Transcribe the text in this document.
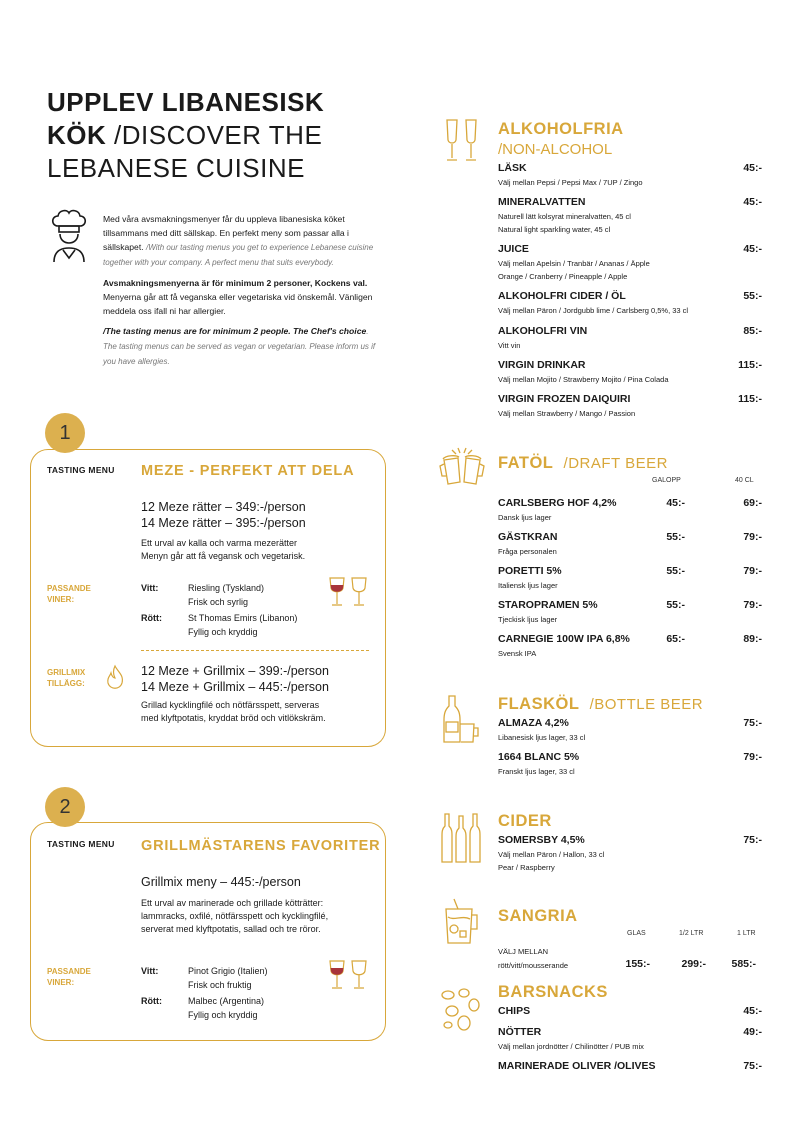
UPPLEV LIBANESISK KÖK /DISCOVER THE LEBANESE CUISINE

Med våra avsmakningsmenyer får du uppleva libanesiska köket tillsammans med ditt sällskap. En perfekt meny som passar alla i sällskapet. /With our tasting menus you get to experience Lebanese cuisine together with your company. A perfect menu that suits everybody.

Avsmakningsmenyerna är för minimum 2 personer, Kockens val. Menyerna går att få veganska eller vegetariska vid önskemål. Vänligen meddela oss ifall ni har allergier.

/The tasting menus are for minimum 2 people. The Chef's choice. The tasting menus can be served as vegan or vegetarian. Please inform us if you have allergies.

1
TASTING MENU MEZE - PERFEKT ATT DELA
12 Meze rätter – 349:-/person
14 Meze rätter – 395:-/person
Ett urval av kalla och varma mezerätter
Menyn går att få vegansk och vegetarisk.
PASSANDE VINER:
Vitt:	Riesling (Tyskland)
Frisk och syrlig
Rött:	St Thomas Emirs (Libanon)
Fyllig och kryddig
GRILLMIX TILLÄGG:
12 Meze + Grillmix – 399:-/person
14 Meze + Grillmix – 445:-/person
Grillad kycklingfilé och nötfärsspett, serveras
med klyftpotatis, kryddat bröd och vitlökskräm.
2
TASTING MENU GRILLMÄSTARENS FAVORITER
Grillmix meny – 445:-/person
Ett urval av marinerade och grillade kötträtter:
lammracks, oxfilé, nötfärsspett och kycklingfilé,
serverat med klyftpotatis, sallad och tre röror.
PASSANDE VINER:
Vitt:	Pinot Grigio (Italien)
Frisk och fruktig
Rött:	Malbec (Argentina)
Fyllig och kryddig
ALKOHOLFRIA
/NON-ALCOHOL
LÄSK	45:-
Välj mellan Pepsi / Pepsi Max / 7UP / Zingo
MINERALVATTEN	45:-
Naturell lätt kolsyrat mineralvatten, 45 cl
Natural light sparkling water, 45 cl
JUICE	45:-
Välj mellan Apelsin / Tranbär / Ananas / Äpple
Orange / Cranberry / Pineapple / Apple
ALKOHOLFRI CIDER / ÖL	55:-
Välj mellan Päron / Jordgubb lime / Carlsberg 0,5%, 33 cl
ALKOHOLFRI VIN	85:-
Vitt vin
VIRGIN DRINKAR	115:-
Välj mellan Mojito / Strawberry Mojito / Pina Colada
VIRGIN FROZEN DAIQUIRI	115:-
Välj mellan Strawberry / Mango / Passion
FATÖL /DRAFT BEER
GALOPP	40 CL
CARLSBERG HOF 4,2%	45:-	69:-
Dansk ljus lager
GÄSTKRAN	55:-	79:-
Fråga personalen
PORETTI 5%	55:-	79:-
Italiensk ljus lager
STAROPRAMEN 5%	55:-	79:-
Tjeckisk ljus lager
CARNEGIE 100W IPA 6,8%	65:-	89:-
Svensk IPA
FLASKÖL /BOTTLE BEER
ALMAZA 4,2%	75:-
Libanesisk ljus lager, 33 cl
1664 BLANC 5%	79:-
Franskt ljus lager, 33 cl
CIDER
SOMERSBY 4,5%	75:-
Välj mellan Päron / Hallon, 33 cl
Pear / Raspberry
SANGRIA
GLAS	1/2 LTR	1 LTR
VÄLJ MELLAN
rött/vitt/mousserande	155:-	299:-	585:-
BARSNACKS
CHIPS	45:-
NÖTTER	49:-
Välj mellan jordnötter / Chilinötter / PUB mix
MARINERADE OLIVER /OLIVES	75:-
